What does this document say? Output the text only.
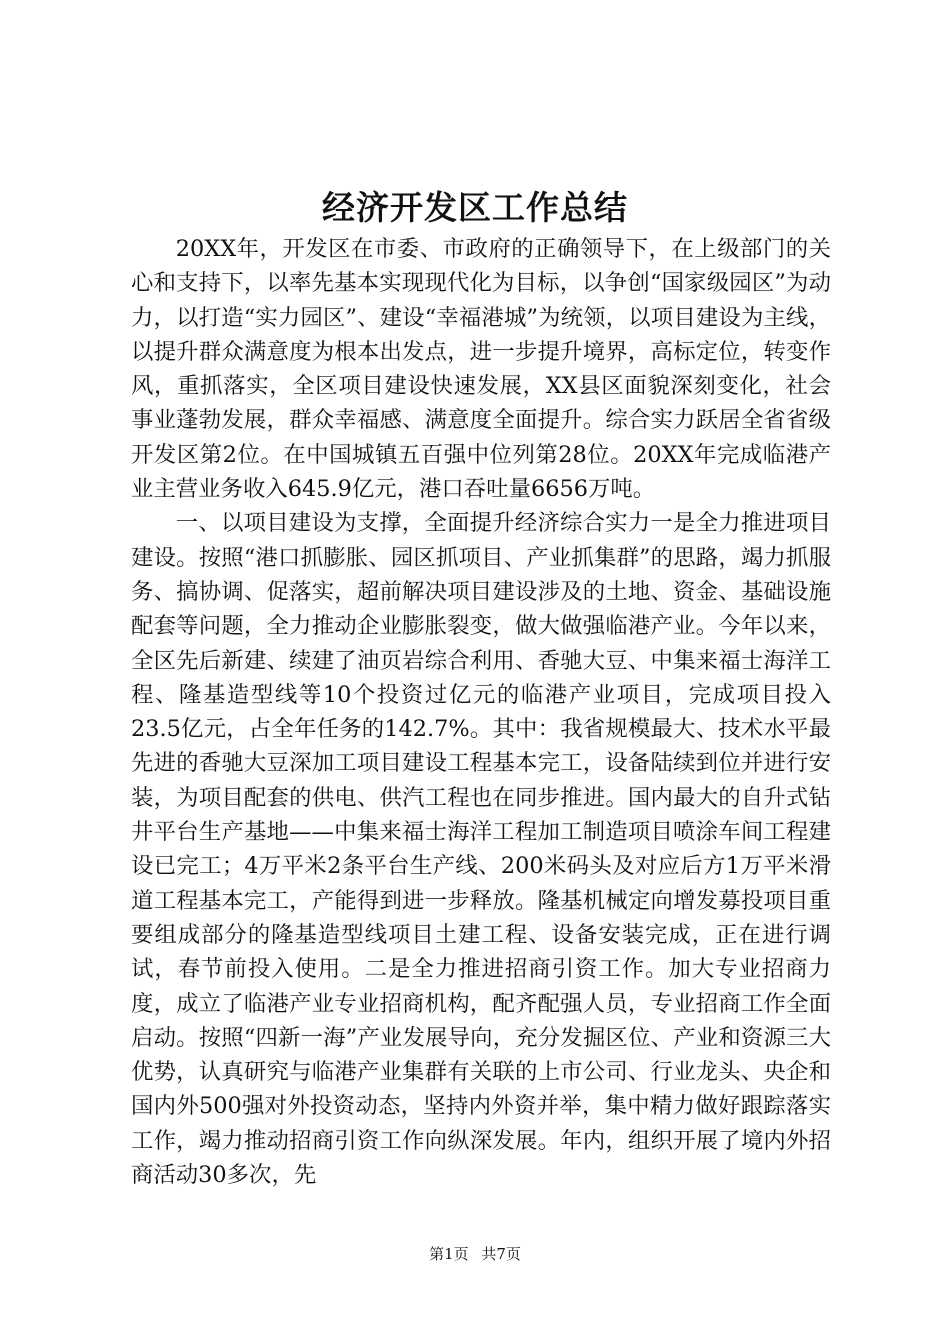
经济开发区工作总结

20XX年，开发区在市委、市政府的正确领导下，在上级部门的关心和支持下，以率先基本实现现代化为目标，以争创“国家级园区”为动力，以打造“实力园区”、建设“幸福港城”为统领，以项目建设为主线，以提升群众满意度为根本出发点，进一步提升境界，高标定位，转变作风，重抓落实，全区项目建设快速发展，XX县区面貌深刻变化，社会事业蓬勃发展，群众幸福感、满意度全面提升。综合实力跃居全省省级开发区第2位。在中国城镇五百强中位列第28位。20XX年完成临港产业主营业务收入645.9亿元，港口吞吐量6656万吨。

一、以项目建设为支撑，全面提升经济综合实力一是全力推进项目建设。按照“港口抓膨胀、园区抓项目、产业抓集群”的思路，竭力抓服务、搞协调、促落实，超前解决项目建设涉及的土地、资金、基础设施配套等问题，全力推动企业膨胀裂变，做大做强临港产业。今年以来，全区先后新建、续建了油页岩综合利用、香驰大豆、中集来福士海洋工程、隆基造型线等10个投资过亿元的临港产业项目，完成项目投入23.5亿元，占全年任务的142.7%。其中：我省规模最大、技术水平最先进的香驰大豆深加工项目建设工程基本完工，设备陆续到位并进行安装，为项目配套的供电、供汽工程也在同步推进。国内最大的自升式钻井平台生产基地——中集来福士海洋工程加工制造项目喷涂车间工程建设已完工；4万平米2条平台生产线、200米码头及对应后方1万平米滑道工程基本完工，产能得到进一步释放。隆基机械定向增发募投项目重要组成部分的隆基造型线项目土建工程、设备安装完成，正在进行调试，春节前投入使用。二是全力推进招商引资工作。加大专业招商力度，成立了临港产业专业招商机构，配齐配强人员，专业招商工作全面启动。按照“四新一海”产业发展导向，充分发掘区位、产业和资源三大优势，认真研究与临港产业集群有关联的上市公司、行业龙头、央企和国内外500强对外投资动态，坚持内外资并举，集中精力做好跟踪落实工作，竭力推动招商引资工作向纵深发展。年内，组织开展了境内外招商活动30多次，先

第1页 共7页
